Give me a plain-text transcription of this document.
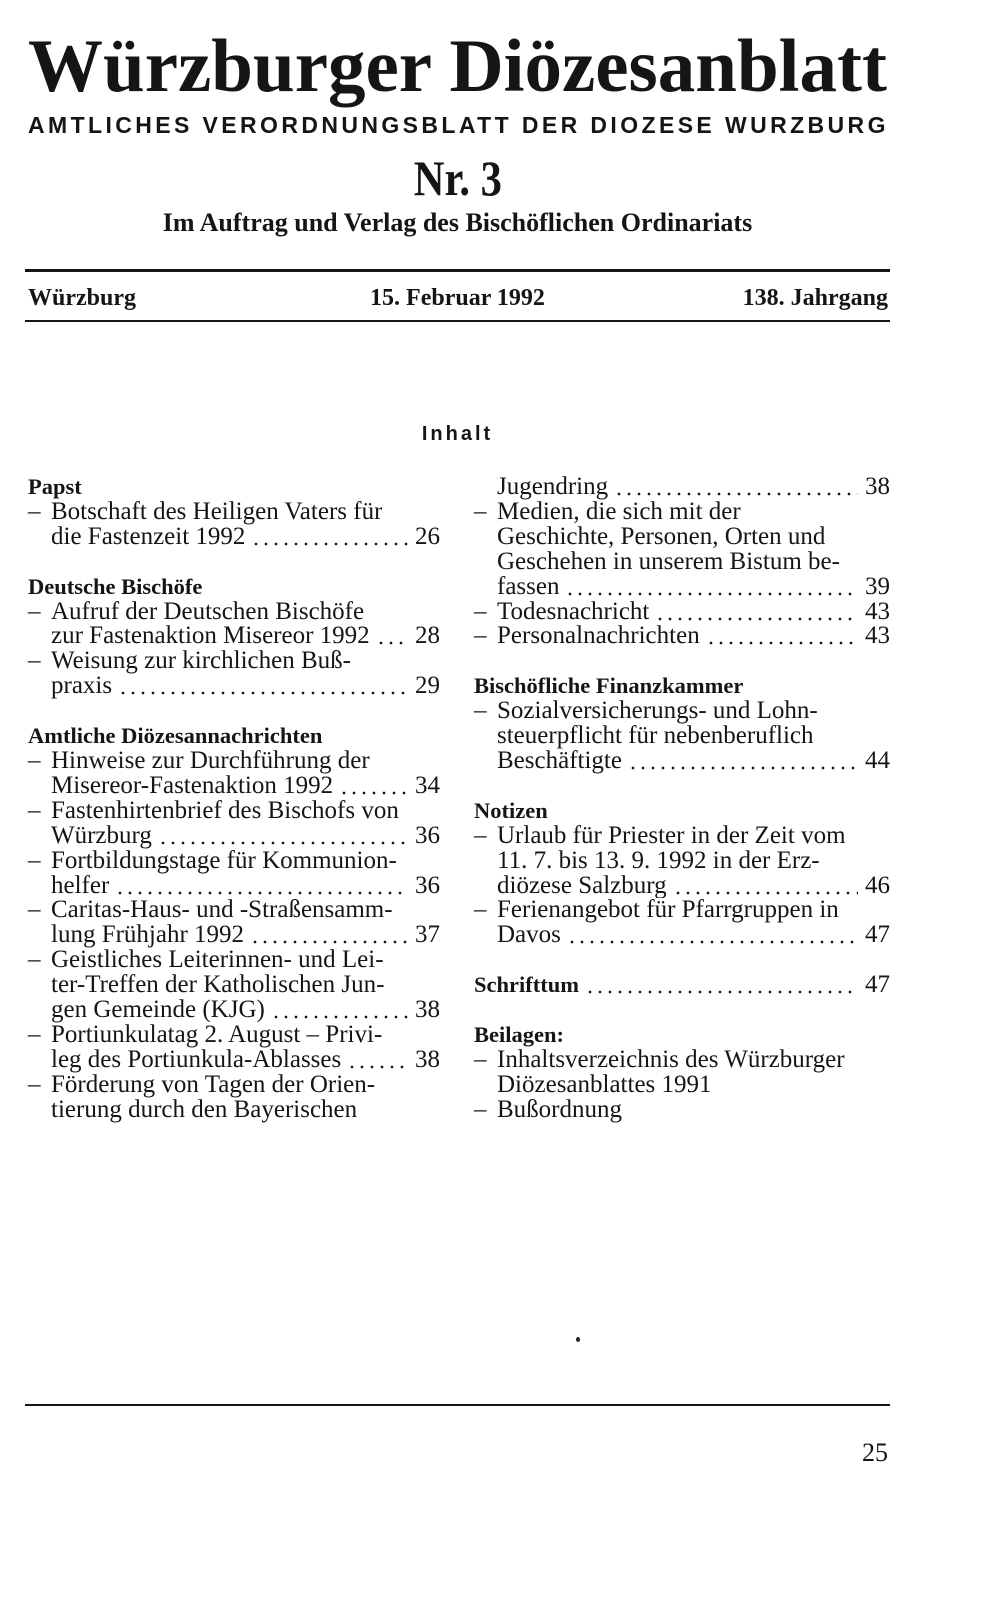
Würzburger Diözesanblatt
AMTLICHES VERORDNUNGSBLATT DER DIOZESE WURZBURG
Nr. 3
Im Auftrag und Verlag des Bischöflichen Ordinariats
Würzburg	15. Februar 1992	138. Jahrgang
Inhalt
Papst
– Botschaft des Heiligen Vaters für
die Fastenzeit 1992	26
Deutsche Bischöfe
– Aufruf der Deutschen Bischöfe
zur Fastenaktion Misereor 1992 28
– Weisung zur kirchlichen Buß-
praxis	29
Amtliche Diözesannachrichten
– Hinweise zur Durchführung der
Misereor-Fastenaktion 1992	34
– Fastenhirtenbrief des Bischofs von
Würzburg	36
– Fortbildungstage für Kommunion-
helfer	36
– Caritas-Haus- und -Straßensamm-
lung Frühjahr 1992	37
– Geistliches Leiterinnen- und Lei-
ter-Treffen der Katholischen Jun-
gen Gemeinde (KJG)	38
– Portiunkulatag 2. August – Privi-
leg des Portiunkula-Ablasses	38
– Förderung von Tagen der Orien-
tierung durch den Bayerischen
Jugendring	38
– Medien, die sich mit der
Geschichte, Personen, Orten und
Geschehen in unserem Bistum be-
fassen	39
– Todesnachricht	43
– Personalnachrichten	43
Bischöfliche Finanzkammer
– Sozialversicherungs- und Lohn-
steuerpflicht für nebenberuflich
Beschäftigte	44
Notizen
– Urlaub für Priester in der Zeit vom
11. 7. bis 13. 9. 1992 in der Erz-
diözese Salzburg	46
– Ferienangebot für Pfarrgruppen in
Davos	47
Schrifttum	47
Beilagen:
– Inhaltsverzeichnis des Würzburger
Diözesanblattes 1991
– Bußordnung
25
